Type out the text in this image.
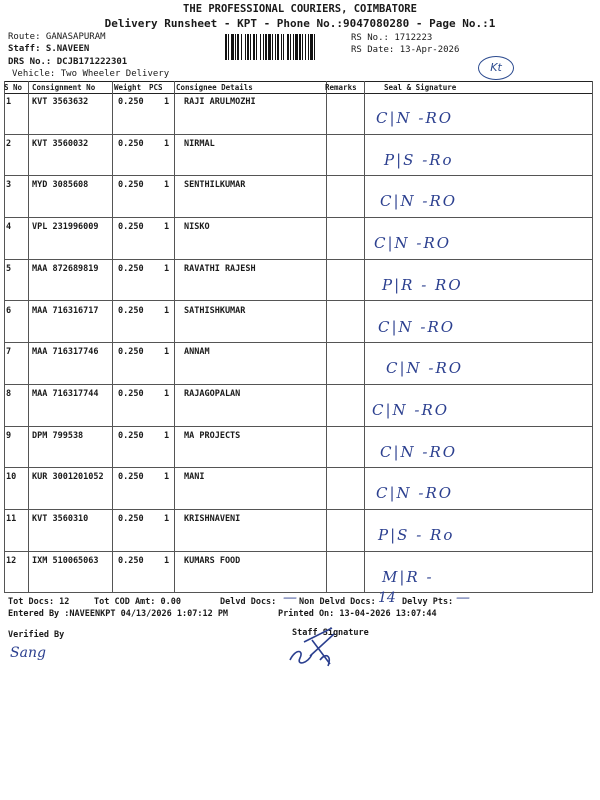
THE PROFESSIONAL COURIERS, COIMBATORE
Delivery Runsheet - KPT - Phone No.:9047080280 - Page No.:1
Route: GANASAPURAM
Staff: S.NAVEEN
DRS No.: DCJB171222301
Vehicle: Two Wheeler Delivery
RS No.: 1712223
RS Date: 13-Apr-2026
Kt
S No Consignment No	Weight PCS Consignee Details	Remarks	Seal & Signature
1 KVT 3563632	0.250 1 RAJI ARULMOZHI
C|N -RO
2 KVT 3560032	0.250 1 NIRMAL
P|S -Ro
3 MYD 3085608	0.250 1 SENTHILKUMAR
C|N -RO
4 VPL 231996009 0.250 1 NISKO
C|N -RO
5 MAA 872689819 0.250 1 RAVATHI RAJESH
P|R - RO
6 MAA 716316717 0.250 1 SATHISHKUMAR
C|N -RO
7 MAA 716317746 0.250 1 ANNAM
C|N -RO
8 MAA 716317744 0.250 1 RAJAGOPALAN
C|N -RO
9 DPM 799538	0.250 1 MA PROJECTS
C|N -RO
10 KUR 3001201052 0.250 1 MANI
C|N -RO
11 KVT 3560310	0.250 1 KRISHNAVENI
P|S - Ro
12 IXM 510065063 0.250 1 KUMARS FOOD
M|R -
Tot Docs: 12	Tot COD Amt: 0.00	Delvd Docs: — Non Delvd Docs: 14 Delvy Pts: —
Entered By :NAVEENKPT 04/13/2026 1:07:12 PM	Printed On: 13-04-2026 13:07:44
Verified By
Sang
Staff Signature
